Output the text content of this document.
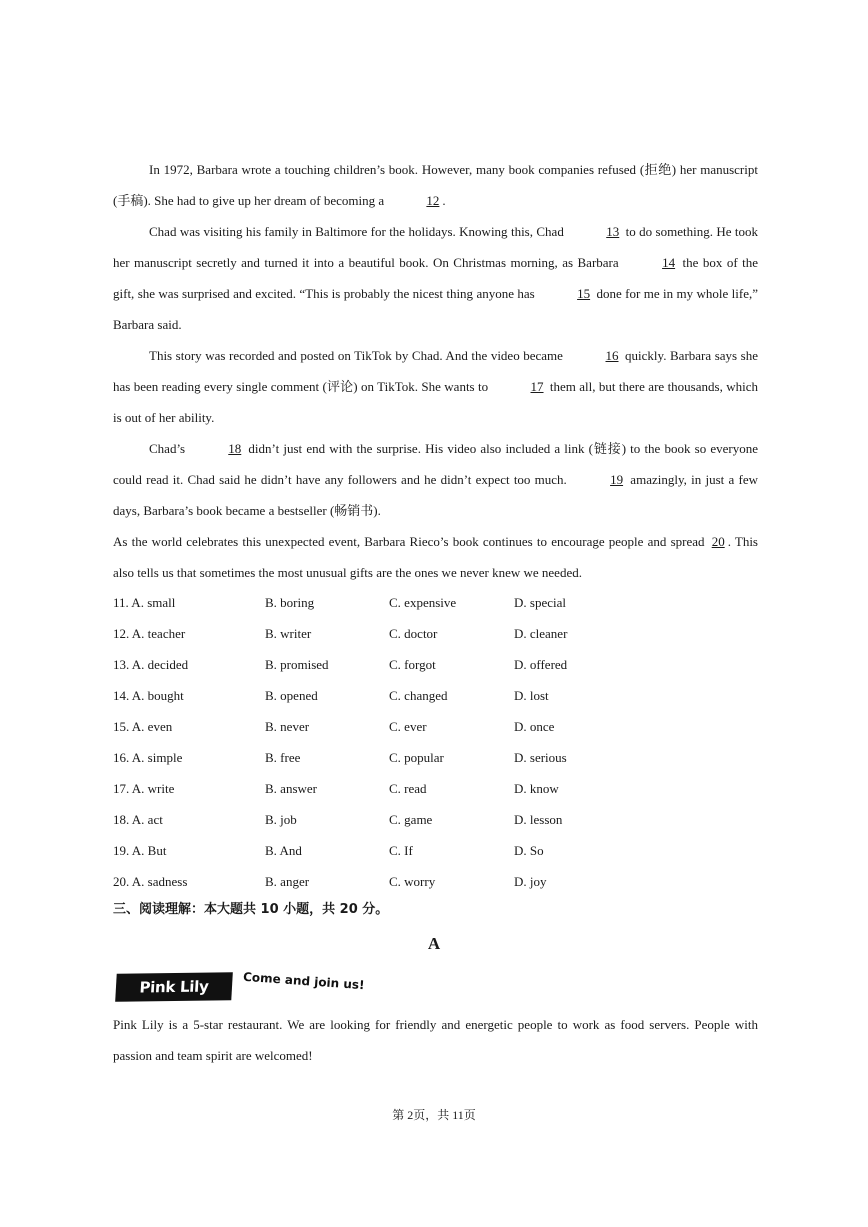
In 1972, Barbara wrote a touching children’s book. However, many book companies refused (拒绝) her manuscript (手稿). She had to give up her dream of becoming a	12 .

Chad was visiting his family in Baltimore for the holidays. Knowing this, Chad	13 to do something. He took her manuscript secretly and turned it into a beautiful book. On Christmas morning, as Barbara	14 the box of the gift, she was surprised and excited. “This is probably the nicest thing anyone has	15 done for me in my whole life,” Barbara said.

This story was recorded and posted on TikTok by Chad. And the video became	16 quickly. Barbara says she has been reading every single comment (评论) on TikTok. She wants to	17 them all, but there are thousands, which is out of her ability.

Chad’s	18 didn’t just end with the surprise. His video also included a link (链接) to the book so everyone could read it. Chad said he didn’t have any followers and he didn’t expect too much.	19 amazingly, in just a few days, Barbara’s book became a bestseller (畅销书).

As the world celebrates this unexpected event, Barbara Rieco’s book continues to encourage people and spread 20 . This also tells us that sometimes the most unusual gifts are the ones we never knew we needed.

11. A. small	B. boring	C. expensive	D. special
12. A. teacher	B. writer	C. doctor	D. cleaner
13. A. decided	B. promised	C. forgot	D. offered
14. A. bought	B. opened	C. changed	D. lost
15. A. even	B. never	C. ever	D. once
16. A. simple	B. free	C. popular	D. serious
17. A. write	B. answer	C. read	D. know
18. A. act	B. job	C. game	D. lesson
19. A. But	B. And	C. If	D. So
20. A. sadness	B. anger	C. worry	D. joy
三、阅读理解：本大题共 10 小题，共 20 分。
A
Pink Lily	Come and join us!

Pink Lily is a 5-star restaurant. We are looking for friendly and energetic people to work as food servers. People with passion and team spirit are welcomed!

第 2页，共 11页
